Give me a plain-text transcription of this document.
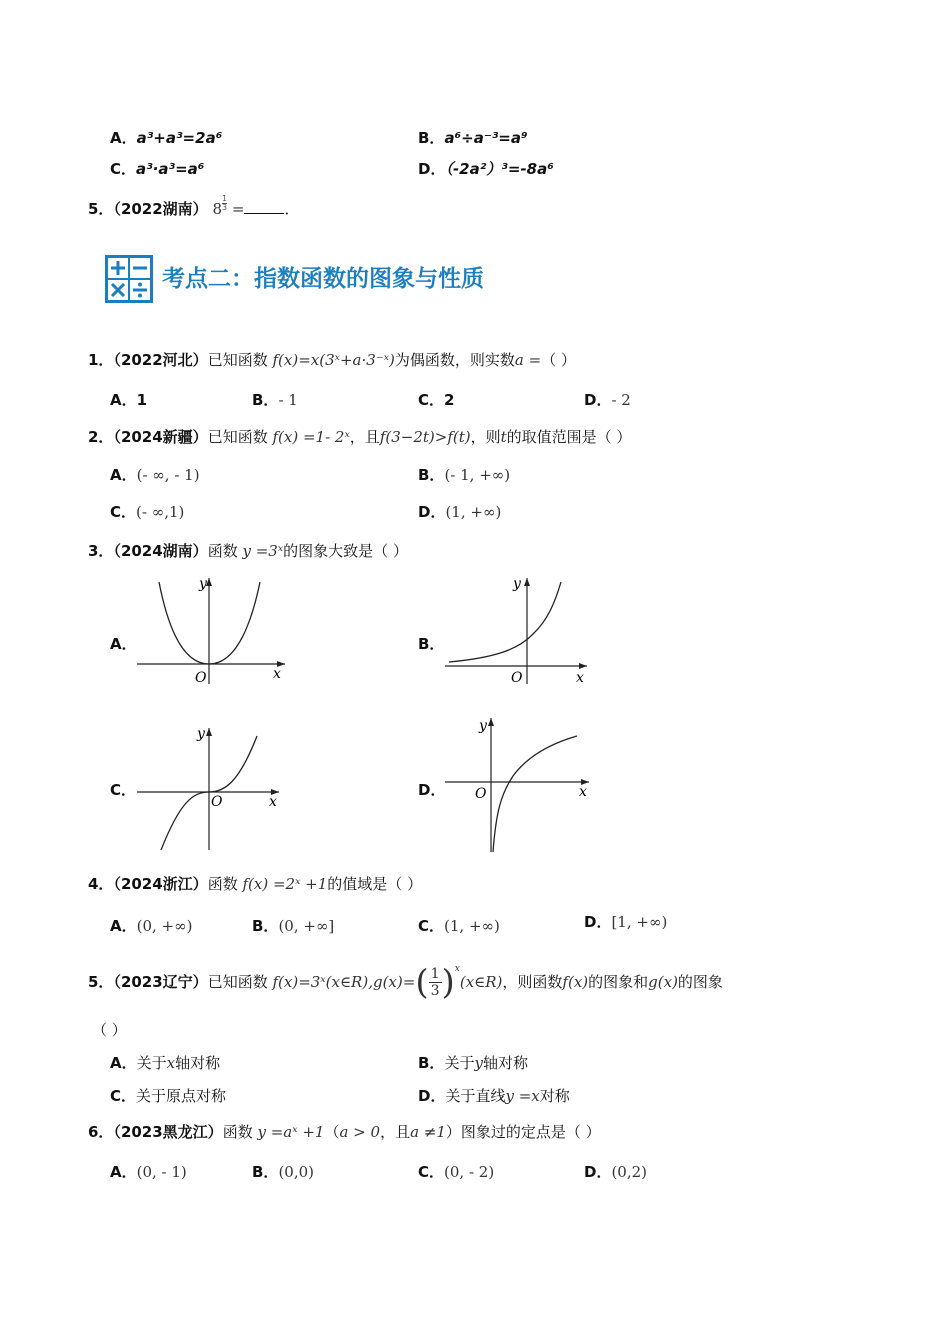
A．a³+a³=2a⁶	B．a⁶÷a⁻³=a⁹
C．a³·a³=a⁶	D．（-2a²）³=-8a⁶
5．（2022湖南） $8 \frac{1}{3}$ =	．
考点二：指数函数的图象与性质
1．（2022河北）已知函数 f(x)=x(3ˣ+a·3⁻ˣ)为偶函数，则实数a =（ ）
A．1	B．- 1	C．2	D．- 2
2．（2024新疆）已知函数 f(x) =1- 2ˣ，且f(3−2t)>f(t)，则t的取值范围是（ ）
A．(- ∞, - 1)	B．(- 1, +∞)
C．(- ∞,1)	D．(1, +∞)
3．（2024湖南）函数 y =3ˣ的图象大致是（ ）
A．
y
x
O
B．
y
x
O
C．
y
x
O
D．
y
x
O
4．（2024浙江）函数 f(x) =2ˣ +1的值域是（ ）
A．(0, +∞)	B．(0, +∞]	C．(1, +∞)	D．[1, +∞)
5．（2023辽宁）已知函数 f(x)=3ˣ(x∈R),g(x)=( $\frac{1}{3}$ )$^x$(x∈R)，则函数f(x)的图象和g(x)的图象
（ ）
A．关于x轴对称	B．关于y轴对称
C．关于原点对称	D．关于直线y =x对称
6．（2023黑龙江）函数 y =aˣ +1（a > 0，且a ≠1）图象过的定点是（ ）
A．(0, - 1)	B．(0,0)	C．(0, - 2)	D．(0,2)
